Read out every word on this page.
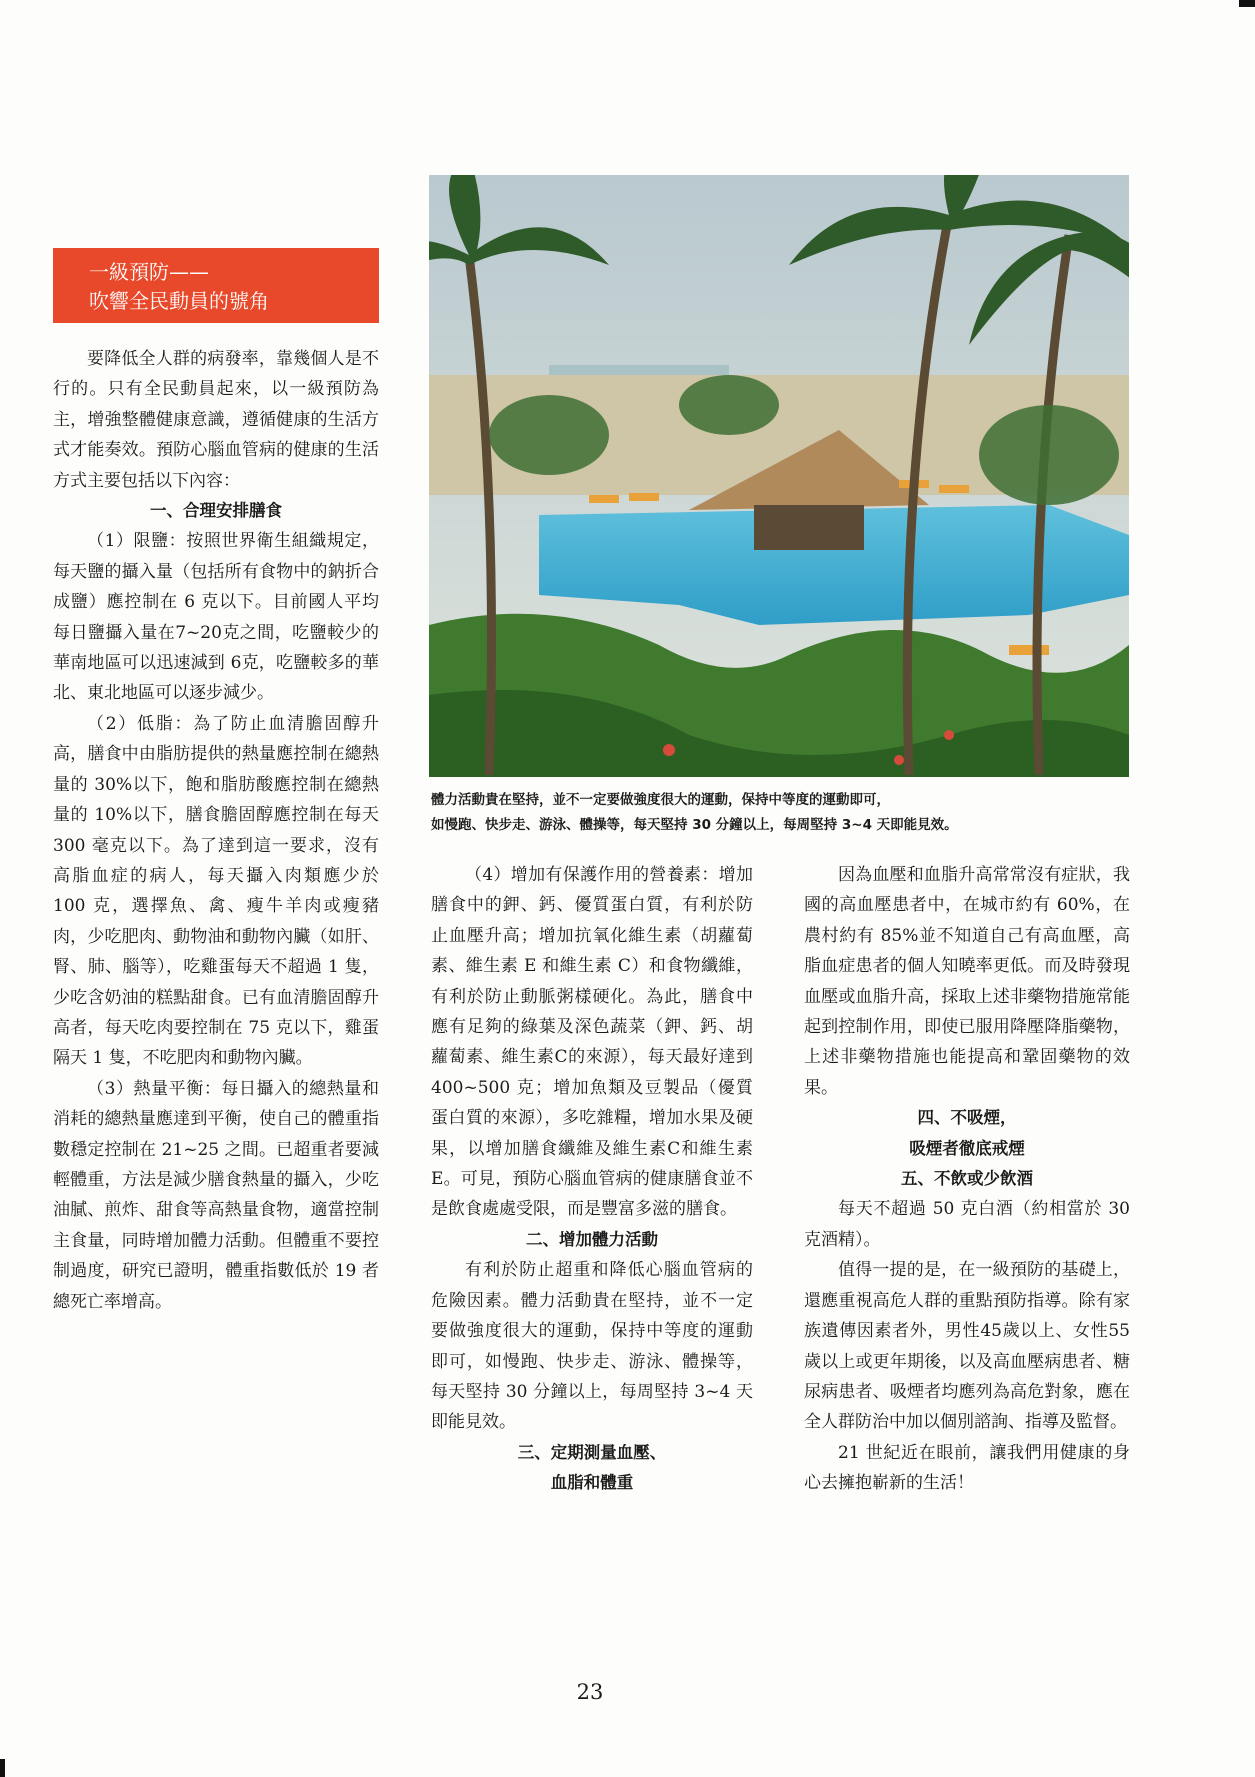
一級預防——
吹響全民動員的號角

要降低全人群的病發率，靠幾個人是不行的。只有全民動員起來，以一級預防為主，增強整體健康意識，遵循健康的生活方式才能奏效。預防心腦血管病的健康的生活方式主要包括以下內容：

一、合理安排膳食

（1）限鹽：按照世界衛生組織規定，每天鹽的攝入量（包括所有食物中的鈉折合成鹽）應控制在 6 克以下。目前國人平均每日鹽攝入量在7~20克之間，吃鹽較少的華南地區可以迅速減到 6克，吃鹽較多的華北、東北地區可以逐步減少。

（2）低脂：為了防止血清膽固醇升高，膳食中由脂肪提供的熱量應控制在總熱量的 30%以下，飽和脂肪酸應控制在總熱量的 10%以下，膳食膽固醇應控制在每天 300 毫克以下。為了達到這一要求，沒有高脂血症的病人，每天攝入肉類應少於 100 克，選擇魚、禽、瘦牛羊肉或瘦豬肉，少吃肥肉、動物油和動物內臟（如肝、腎、肺、腦等），吃雞蛋每天不超過 1 隻，少吃含奶油的糕點甜食。已有血清膽固醇升高者，每天吃肉要控制在 75 克以下，雞蛋隔天 1 隻，不吃肥肉和動物內臟。

（3）熱量平衡：每日攝入的總熱量和消耗的總熱量應達到平衡，使自己的體重指數穩定控制在 21~25 之間。已超重者要減輕體重，方法是減少膳食熱量的攝入，少吃油膩、煎炸、甜食等高熱量食物，適當控制主食量，同時增加體力活動。但體重不要控制過度，研究已證明，體重指數低於 19 者總死亡率增高。

（4）增加有保護作用的營養素：增加膳食中的鉀、鈣、優質蛋白質，有利於防止血壓升高；增加抗氧化維生素（胡蘿蔔素、維生素 E 和維生素 C）和食物纖維，有利於防止動脈粥樣硬化。為此，膳食中應有足夠的綠葉及深色蔬菜（鉀、鈣、胡蘿蔔素、維生素C的來源），每天最好達到 400~500 克；增加魚類及豆製品（優質蛋白質的來源），多吃雜糧，增加水果及硬果，以增加膳食纖維及維生素C和維生素E。可見，預防心腦血管病的健康膳食並不是飲食處處受限，而是豐富多滋的膳食。

二、增加體力活動

有利於防止超重和降低心腦血管病的危險因素。體力活動貴在堅持，並不一定要做強度很大的運動，保持中等度的運動即可，如慢跑、快步走、游泳、體操等，每天堅持 30 分鐘以上，每周堅持 3~4 天即能見效。

三、定期測量血壓、

血脂和體重

因為血壓和血脂升高常常沒有症狀，我國的高血壓患者中，在城市約有 60%，在農村約有 85%並不知道自己有高血壓，高脂血症患者的個人知曉率更低。而及時發現血壓或血脂升高，採取上述非藥物措施常能起到控制作用，即使已服用降壓降脂藥物，上述非藥物措施也能提高和鞏固藥物的效果。

四、不吸煙，

吸煙者徹底戒煙

五、不飲或少飲酒

每天不超過 50 克白酒（約相當於 30 克酒精）。

值得一提的是，在一級預防的基礎上，還應重視高危人群的重點預防指導。除有家族遺傳因素者外，男性45歲以上、女性55歲以上或更年期後，以及高血壓病患者、糖尿病患者、吸煙者均應列為高危對象，應在全人群防治中加以個別諮詢、指導及監督。

21 世紀近在眼前，讓我們用健康的身心去擁抱嶄新的生活！

體力活動貴在堅持，並不一定要做強度很大的運動，保持中等度的運動即可，
如慢跑、快步走、游泳、體操等，每天堅持 30 分鐘以上，每周堅持 3~4 天即能見效。
23
